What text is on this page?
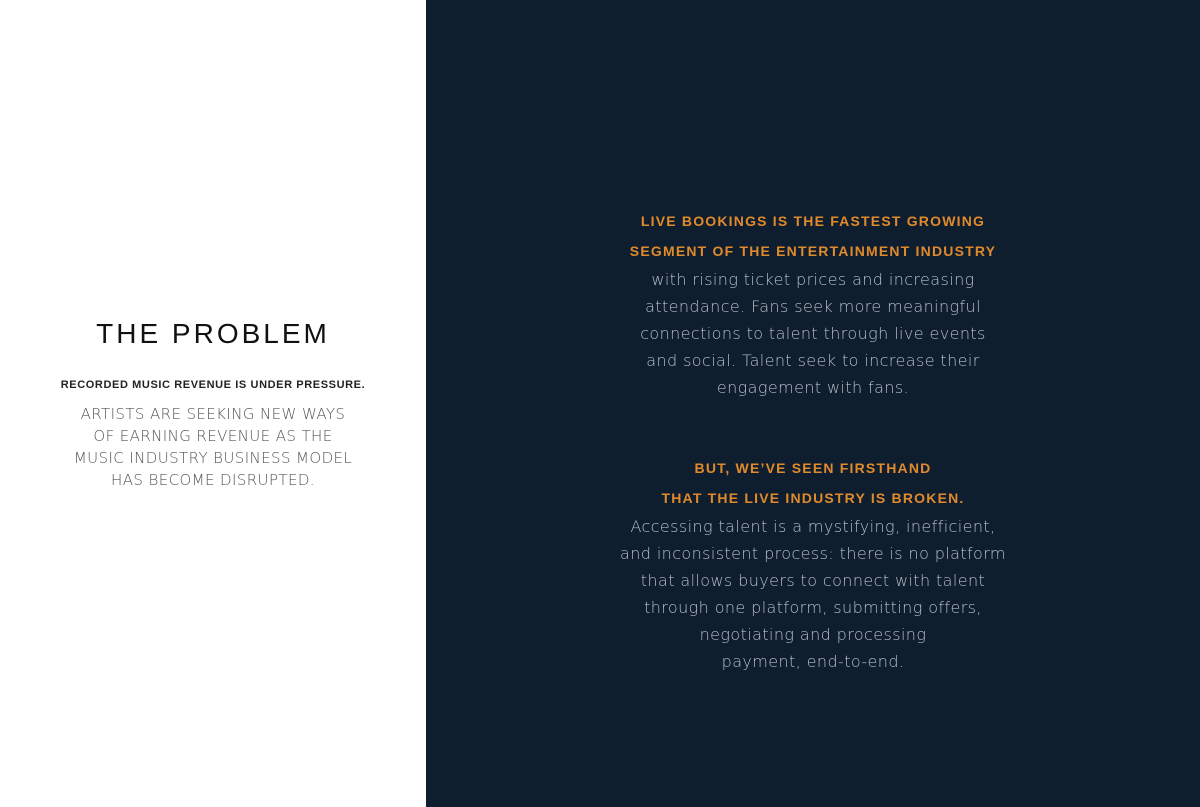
THE PROBLEM
RECORDED MUSIC REVENUE IS UNDER PRESSURE.
ARTISTS ARE SEEKING NEW WAYS
OF EARNING REVENUE AS THE
MUSIC INDUSTRY BUSINESS MODEL
HAS BECOME DISRUPTED.
LIVE BOOKINGS IS THE FASTEST GROWING
SEGMENT OF THE ENTERTAINMENT INDUSTRY
with rising ticket prices and increasing
attendance. Fans seek more meaningful
connections to talent through live events
and social. Talent seek to increase their
engagement with fans.
BUT, WE’VE SEEN FIRSTHAND
THAT THE LIVE INDUSTRY IS BROKEN.
Accessing talent is a mystifying, inefficient,
and inconsistent process: there is no platform
that allows buyers to connect with talent
through one platform, submitting offers,
negotiating and processing
payment, end-to-end.
